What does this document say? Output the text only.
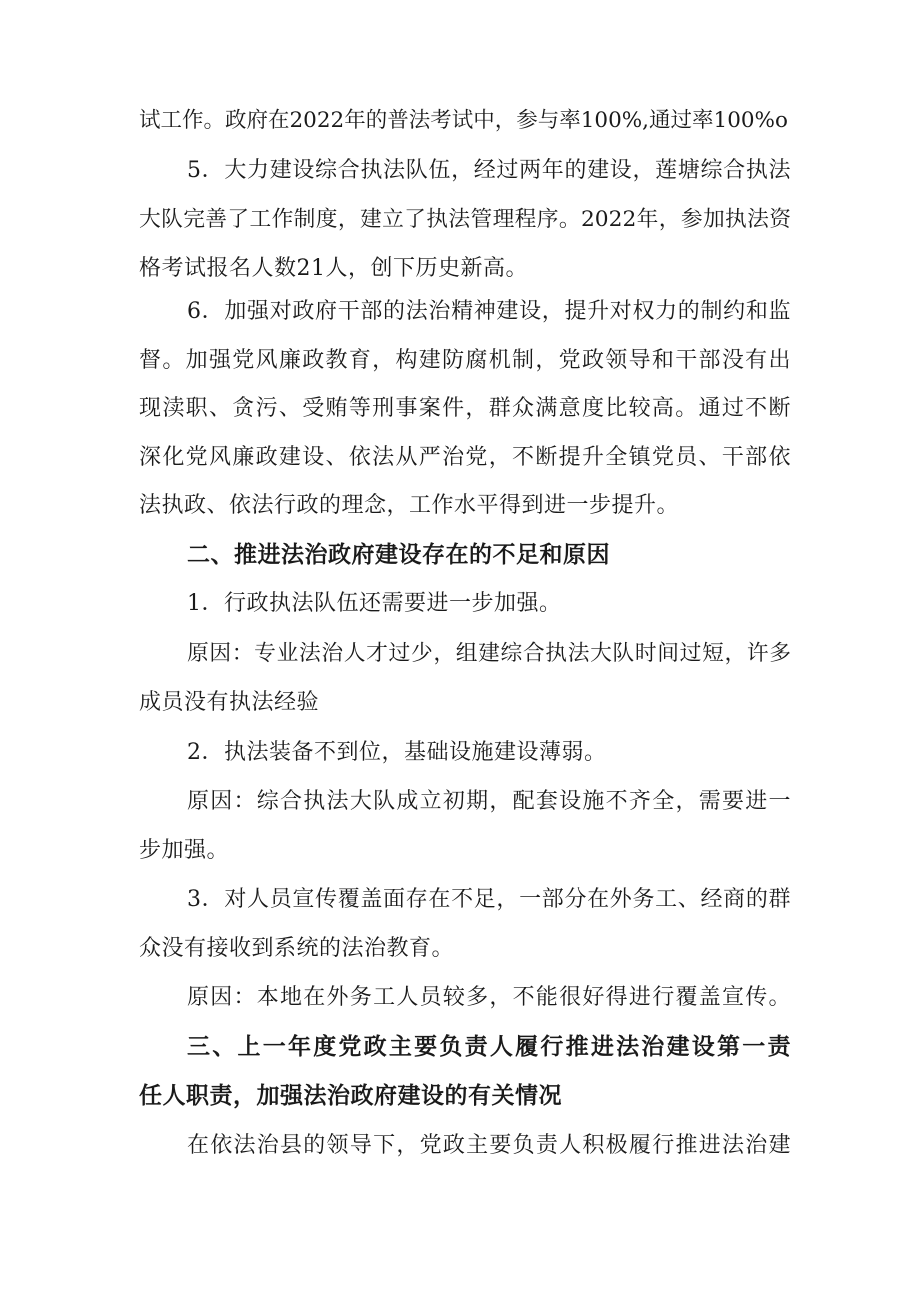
试工作。政府在2022年的普法考试中，参与率100%,通过率100%o
5．大力建设综合执法队伍，经过两年的建设，莲塘综合执法
大队完善了工作制度，建立了执法管理程序。2022年，参加执法资
格考试报名人数21人，创下历史新高。
6．加强对政府干部的法治精神建设，提升对权力的制约和监
督。加强党风廉政教育，构建防腐机制，党政领导和干部没有出
现渎职、贪污、受贿等刑事案件，群众满意度比较高。通过不断
深化党风廉政建设、依法从严治党，不断提升全镇党员、干部依
法执政、依法行政的理念，工作水平得到进一步提升。
二、推进法治政府建设存在的不足和原因
1．行政执法队伍还需要进一步加强。
原因：专业法治人才过少，组建综合执法大队时间过短，许多
成员没有执法经验
2．执法装备不到位，基础设施建设薄弱。
原因：综合执法大队成立初期，配套设施不齐全，需要进一
步加强。
3．对人员宣传覆盖面存在不足，一部分在外务工、经商的群
众没有接收到系统的法治教育。
原因：本地在外务工人员较多，不能很好得进行覆盖宣传。
三、上一年度党政主要负责人履行推进法治建设第一责
任人职责，加强法治政府建设的有关情况
在依法治县的领导下，党政主要负责人积极履行推进法治建
